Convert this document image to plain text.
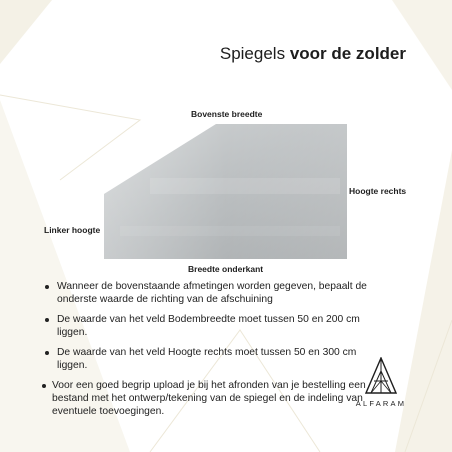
Spiegels voor de zolder
Bovenste breedte
Hoogte rechts
Linker hoogte
Breedte onderkant
Wanneer de bovenstaande afmetingen worden gegeven, bepaalt de onderste waarde de richting van de afschuining
De waarde van het veld Bodembreedte moet tussen 50 en 200 cm liggen.
De waarde van het veld Hoogte rechts moet tussen 50 en 300 cm liggen.
Voor een goed begrip upload je bij het afronden van je bestelling een bestand met het ontwerp/tekening van de spiegel en de indeling van eventuele toevoegingen.
ALFARAM
